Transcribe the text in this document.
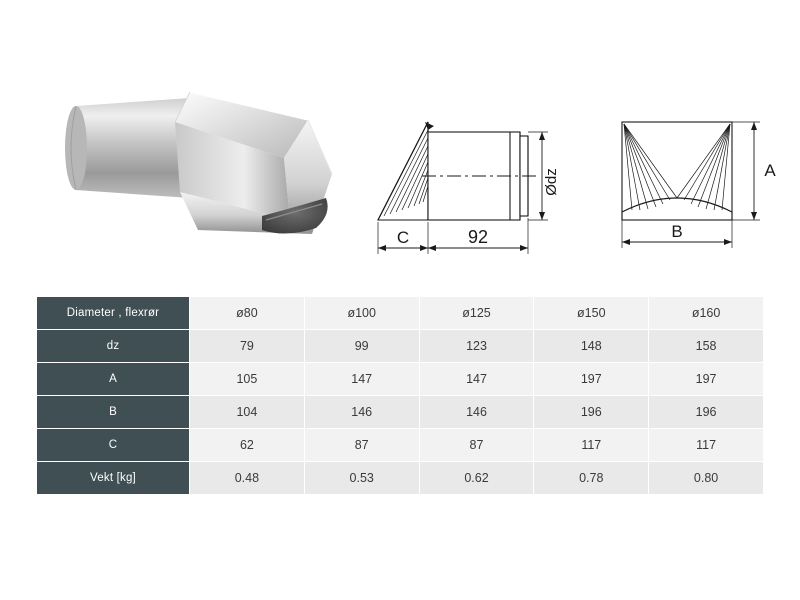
Ødz
C	92
A
B
Diameter , flexrør	ø80	ø100	ø125	ø150	ø160
dz	79	99	123	148	158
A	105	147	147	197	197
B	104	146	146	196	196
C	62	87	87	117	117
Vekt [kg]	0.48	0.53	0.62	0.78	0.80
